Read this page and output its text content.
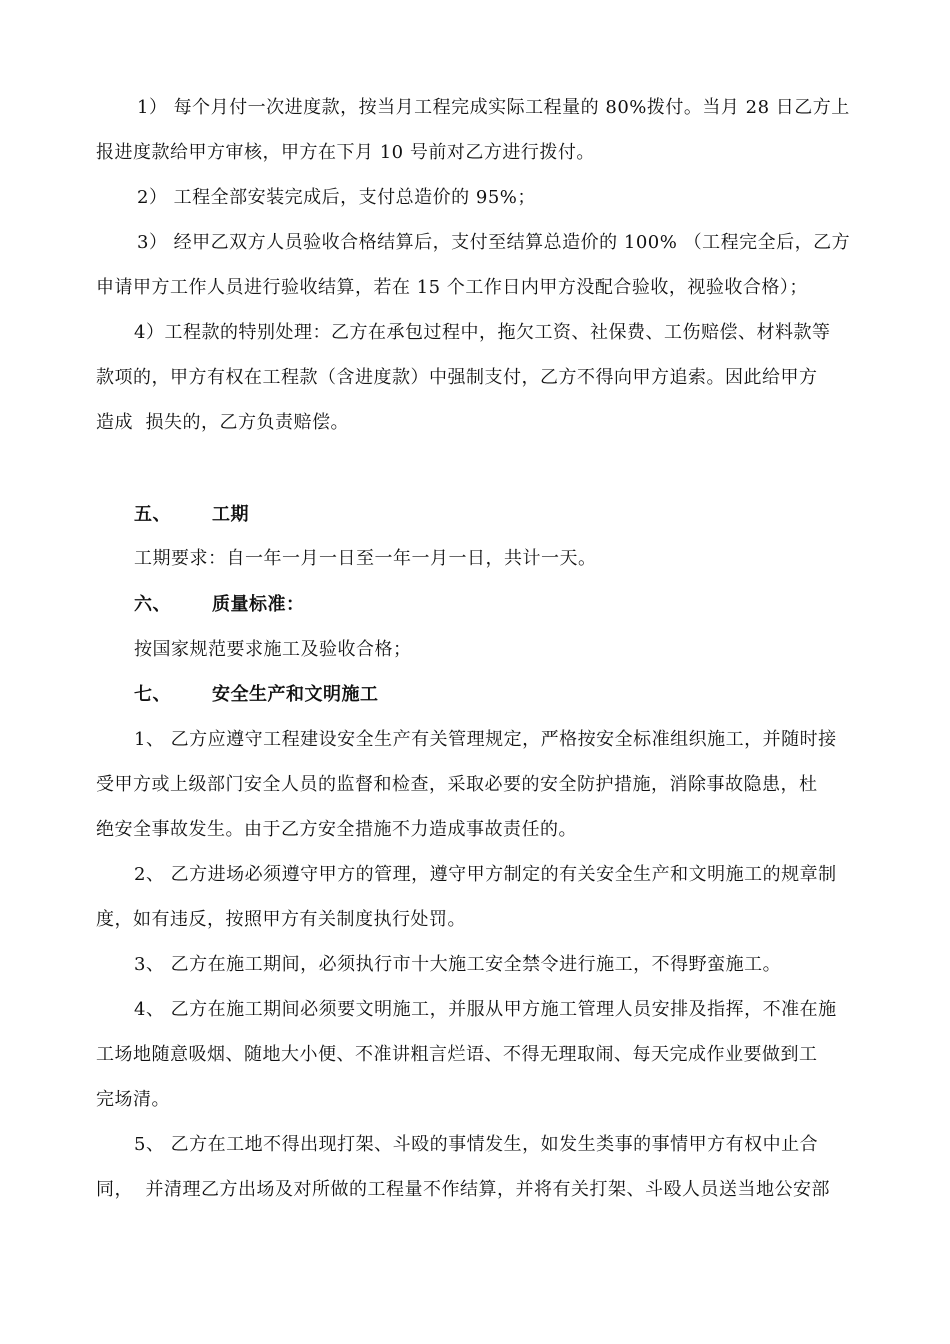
1） 每个月付一次进度款，按当月工程完成实际工程量的 80%拨付。当月 28 日乙方上
报进度款给甲方审核，甲方在下月 10 号前对乙方进行拨付。
2） 工程全部安装完成后，支付总造价的 95%；
3） 经甲乙双方人员验收合格结算后，支付至结算总造价的 100% （工程完全后，乙方
申请甲方工作人员进行验收结算，若在 15 个工作日内甲方没配合验收，视验收合格）；
4）工程款的特别处理：乙方在承包过程中，拖欠工资、社保费、工伤赔偿、材料款等
款项的，甲方有权在工程款（含进度款）中强制支付，乙方不得向甲方追索。因此给甲方
造成  损失的，乙方负责赔偿。
五、 工期
工期要求：自一年一月一日至一年一月一日，共计一天。
六、 质量标准：
按国家规范要求施工及验收合格；
七、 安全生产和文明施工
1、 乙方应遵守工程建设安全生产有关管理规定，严格按安全标准组织施工，并随时接
受甲方或上级部门安全人员的监督和检查，采取必要的安全防护措施，消除事故隐患，杜
绝安全事故发生。由于乙方安全措施不力造成事故责任的。
2、 乙方进场必须遵守甲方的管理，遵守甲方制定的有关安全生产和文明施工的规章制
度，如有违反，按照甲方有关制度执行处罚。
3、 乙方在施工期间，必须执行市十大施工安全禁令进行施工，不得野蛮施工。
4、 乙方在施工期间必须要文明施工，并服从甲方施工管理人员安排及指挥，不准在施
工场地随意吸烟、随地大小便、不准讲粗言烂语、不得无理取闹、每天完成作业要做到工
完场清。
5、 乙方在工地不得出现打架、斗殴的事情发生，如发生类事的事情甲方有权中止合
同，  并清理乙方出场及对所做的工程量不作结算，并将有关打架、斗殴人员送当地公安部
